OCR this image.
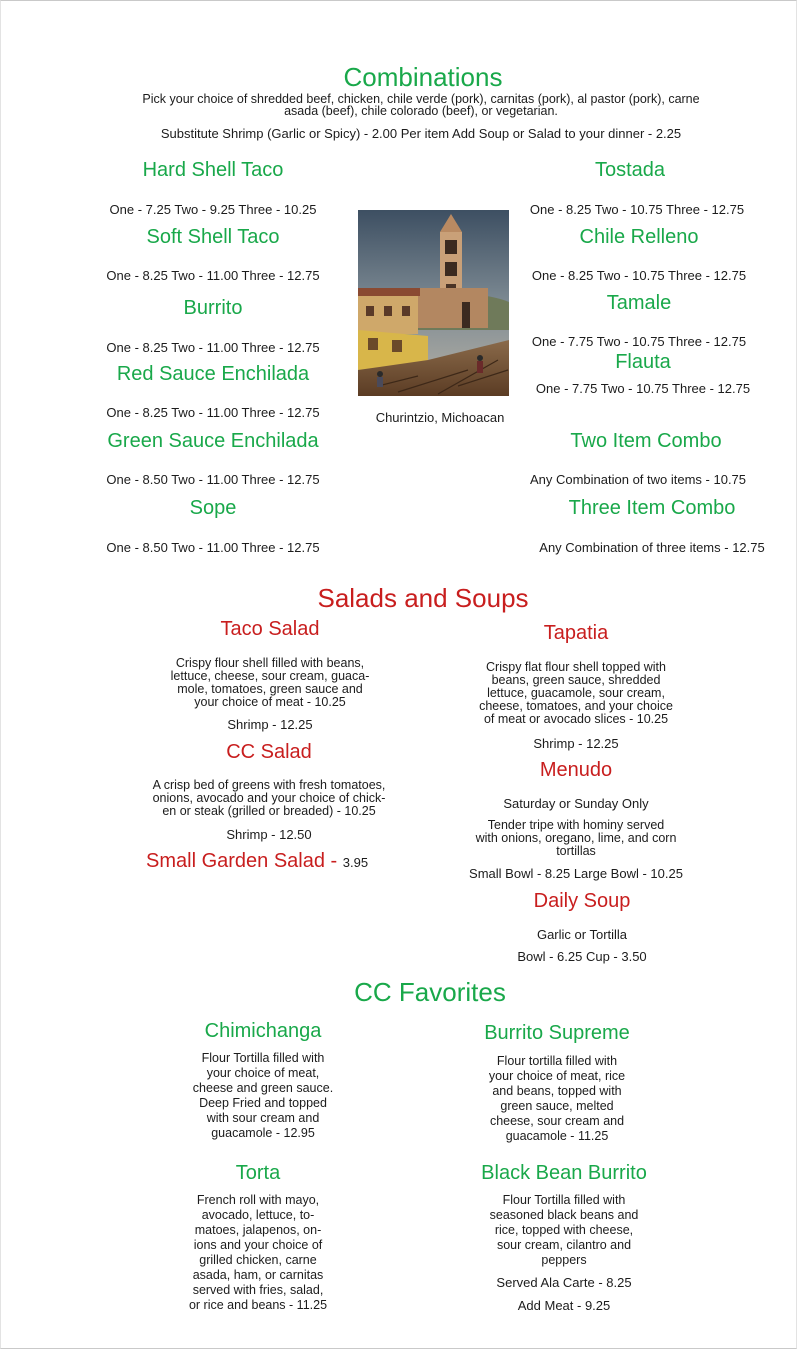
Combinations
Pick your choice of shredded beef, chicken, chile verde (pork), carnitas (pork), al pastor (pork), carne
asada (beef), chile colorado (beef), or vegetarian.
Substitute Shrimp (Garlic or Spicy) - 2.00 Per item Add Soup or Salad to your dinner - 2.25
Hard Shell Taco
One - 7.25 Two - 9.25 Three - 10.25
Soft Shell Taco
One - 8.25 Two - 11.00 Three - 12.75
Burrito
One - 8.25 Two - 11.00 Three - 12.75
Red Sauce Enchilada
One - 8.25 Two - 11.00 Three - 12.75
Green Sauce Enchilada
One - 8.50 Two - 11.00 Three - 12.75
Sope
One - 8.50 Two - 11.00 Three - 12.75
Tostada
One - 8.25 Two - 10.75 Three - 12.75
Chile Relleno
One - 8.25 Two - 10.75 Three - 12.75
Tamale
One - 7.75 Two - 10.75 Three - 12.75
Flauta
One - 7.75 Two - 10.75 Three - 12.75
Two Item Combo
Any Combination of two items - 10.75
Three Item Combo
Any Combination of three items - 12.75
Churintzio, Michoacan
Salads and Soups
Taco Salad
Crispy flour shell filled with beans,
lettuce, cheese, sour cream, guaca-
mole, tomatoes, green sauce and
your choice of meat - 10.25
Shrimp - 12.25
CC Salad
A crisp bed of greens with fresh tomatoes,
onions, avocado and your choice of chick-
en or steak (grilled or breaded) - 10.25
Shrimp - 12.50
Small Garden Salad - 3.95
Tapatia
Crispy flat flour shell topped with
beans, green sauce, shredded
lettuce, guacamole, sour cream,
cheese, tomatoes, and your choice
of meat or avocado slices - 10.25
Shrimp - 12.25
Menudo
Saturday or Sunday Only
Tender tripe with hominy served
with onions, oregano, lime, and corn
tortillas
Small Bowl - 8.25 Large Bowl - 10.25
Daily Soup
Garlic or Tortilla
Bowl - 6.25 Cup - 3.50
CC Favorites
Chimichanga
Flour Tortilla filled with
your choice of meat,
cheese and green sauce.
Deep Fried and topped
with sour cream and
guacamole - 12.95
Torta
French roll with mayo,
avocado, lettuce, to-
matoes, jalapenos, on-
ions and your choice of
grilled chicken, carne
asada, ham, or carnitas
served with fries, salad,
or rice and beans - 11.25
Burrito Supreme
Flour tortilla filled with
your choice of meat, rice
and beans, topped with
green sauce, melted
cheese, sour cream and
guacamole - 11.25
Black Bean Burrito
Flour Tortilla filled with
seasoned black beans and
rice, topped with cheese,
sour cream, cilantro and
peppers
Served Ala Carte - 8.25
Add Meat - 9.25
